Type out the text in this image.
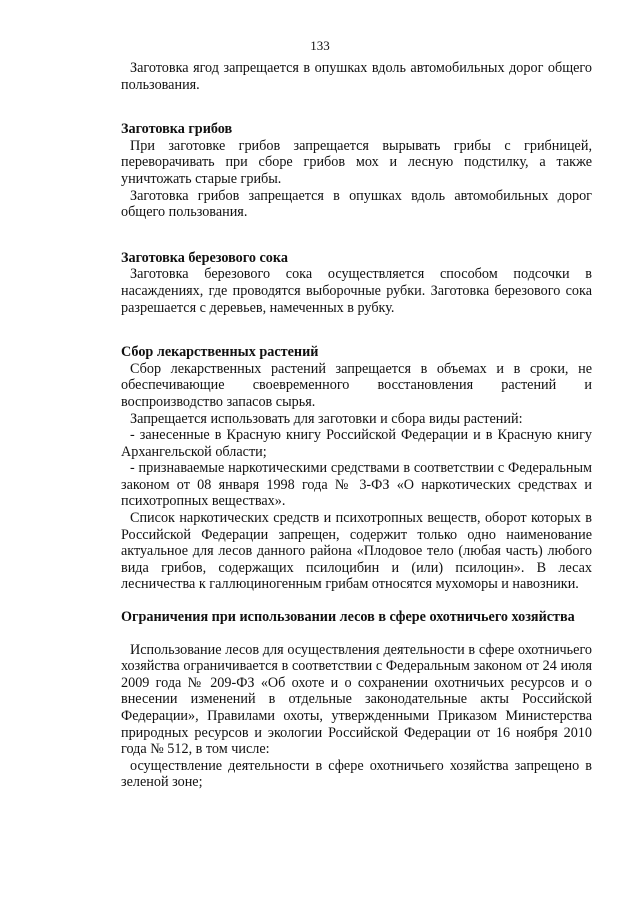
133

Заготовка ягод запрещается в опушках вдоль автомобильных дорог общего пользования.

Заготовка грибов

При заготовке грибов запрещается вырывать грибы с грибницей, переворачивать при сборе грибов мох и лесную подстилку, а также уничтожать старые грибы.

Заготовка грибов запрещается в опушках вдоль автомобильных дорог общего пользования.

Заготовка березового сока

Заготовка березового сока осуществляется способом подсочки в насаждениях, где проводятся выборочные рубки. Заготовка березового сока разрешается с деревьев, намеченных в рубку.

Сбор лекарственных растений

Сбор лекарственных растений запрещается в объемах и в сроки, не обеспечивающие своевременного восстановления растений и воспроизводство запасов сырья.

Запрещается использовать для заготовки и сбора виды растений:

- занесенные в Красную книгу Российской Федерации и в Красную книгу Архангельской области;

- признаваемые наркотическими средствами в соответствии с Федеральным законом от 08 января 1998 года № 3-ФЗ «О наркотических средствах и психотропных веществах».

Список наркотических средств и психотропных веществ, оборот которых в Российской Федерации запрещен, содержит только одно наименование актуальное для лесов данного района «Плодовое тело (любая часть) любого вида грибов, содержащих псилоцибин и (или) псилоцин». В лесах лесничества к галлюциногенным грибам относятся мухоморы и навозники.

Ограничения при использовании лесов в сфере охотничьего хозяйства

Использование лесов для осуществления деятельности в сфере охотничьего хозяйства ограничивается в соответствии с Федеральным законом от 24 июля 2009 года № 209-ФЗ «Об охоте и о сохранении охотничьих ресурсов и о внесении изменений в отдельные законодательные акты Российской Федерации», Правилами охоты, утвержденными Приказом Министерства природных ресурсов и экологии Российской Федерации от 16 ноября 2010 года № 512, в том числе:

осуществление деятельности в сфере охотничьего хозяйства запрещено в зеленой зоне;
